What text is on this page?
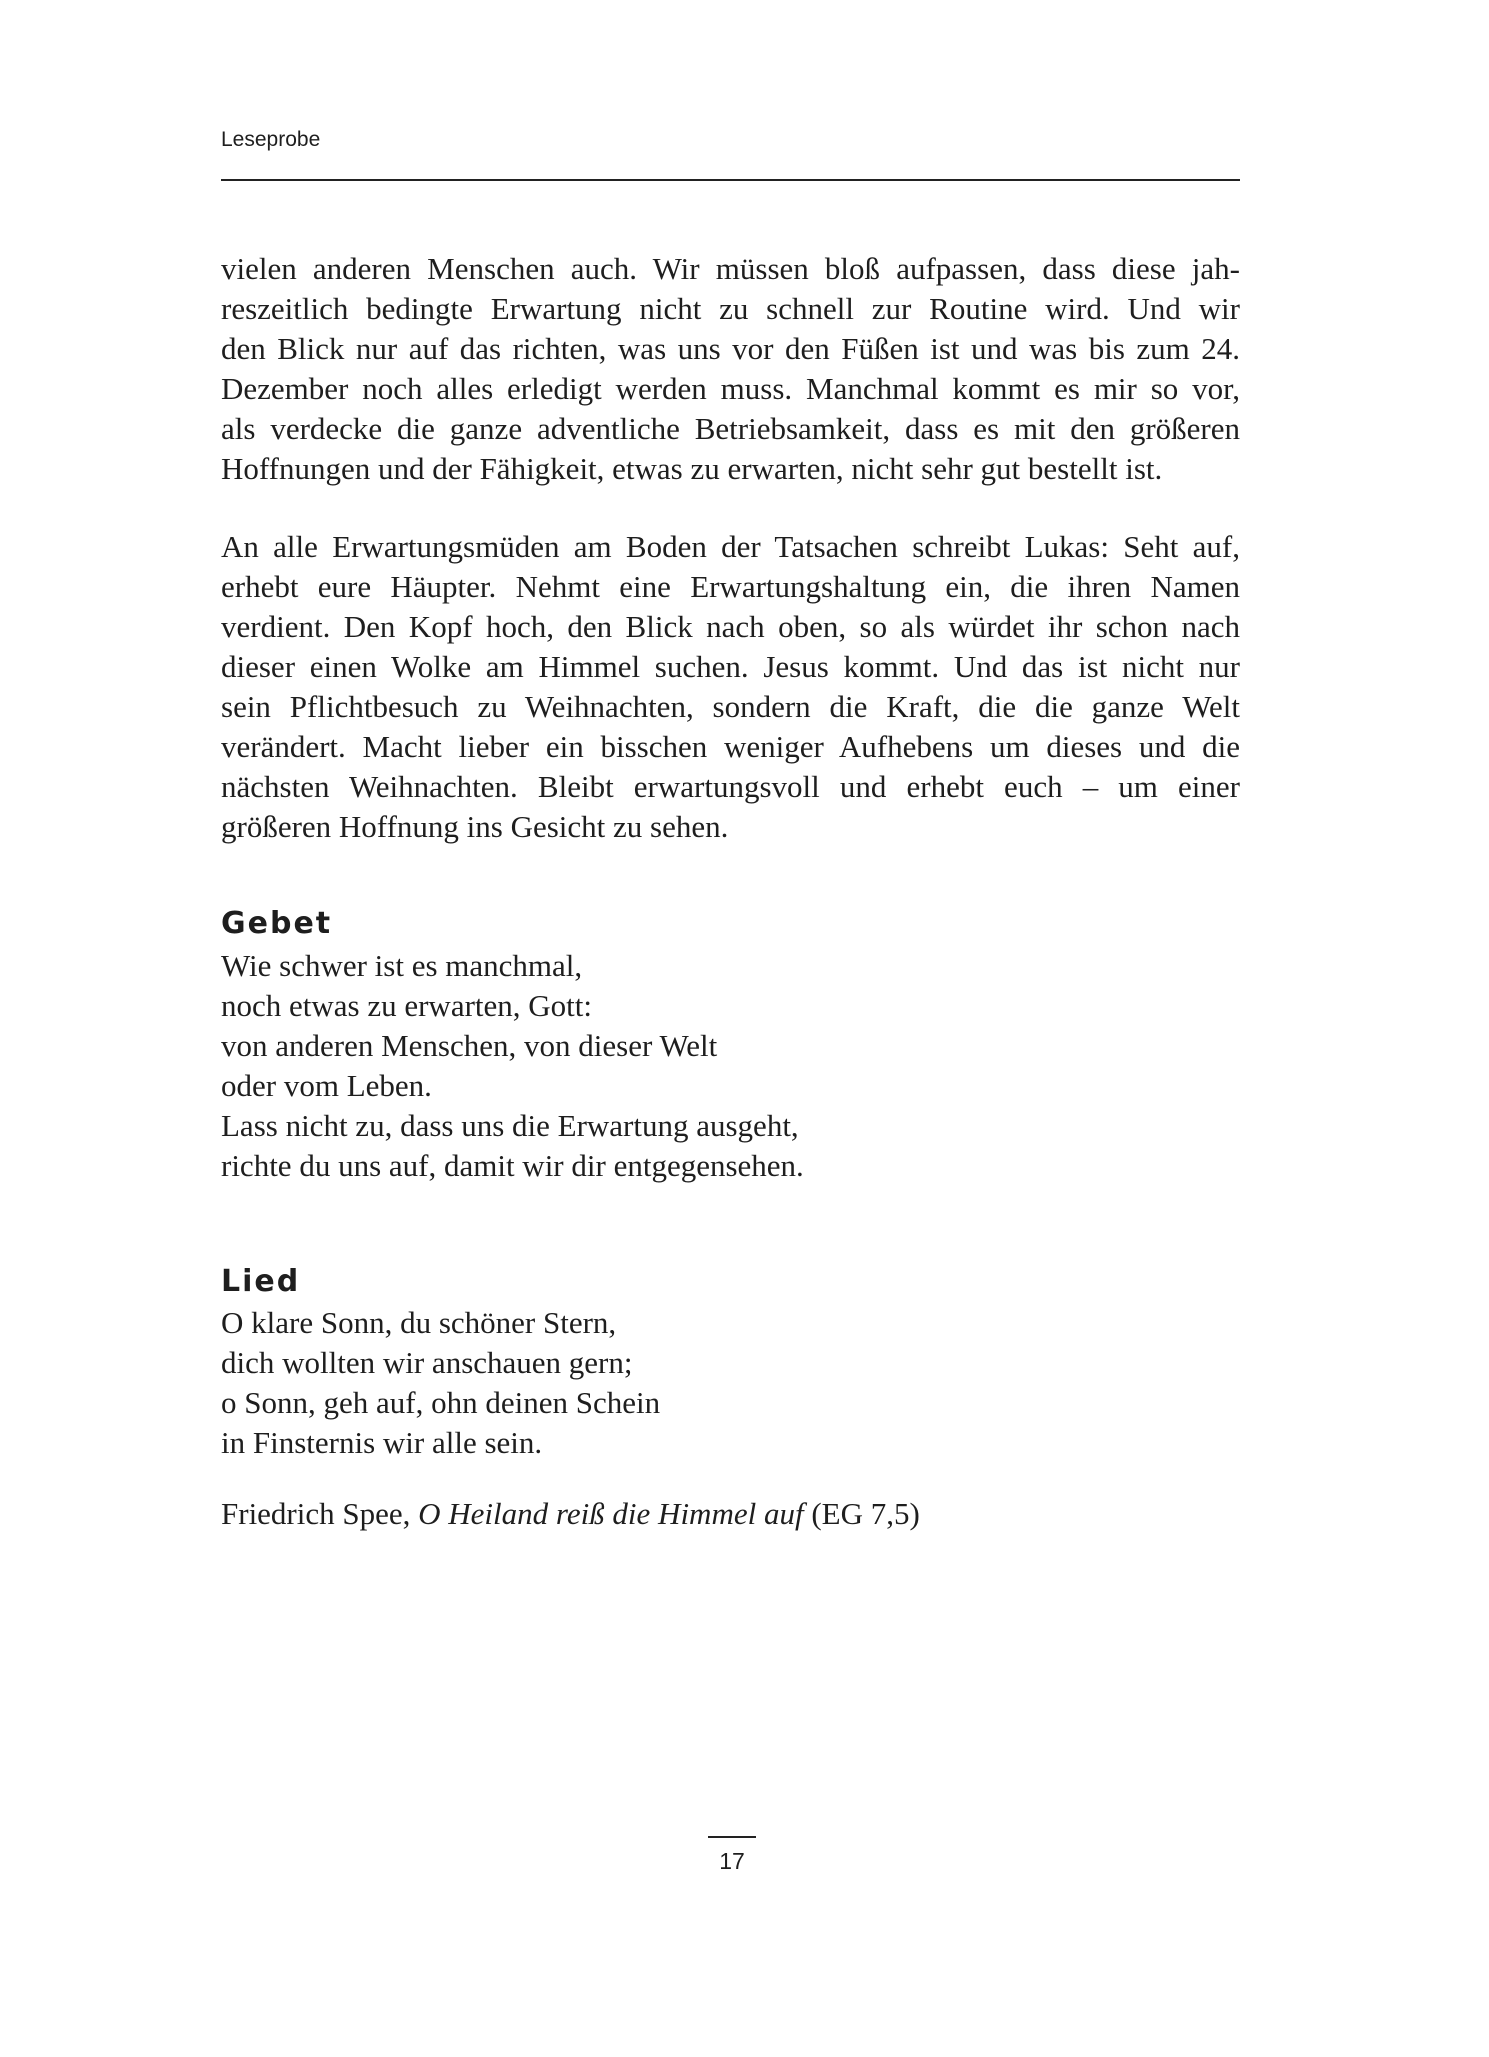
Leseprobe

vielen anderen Menschen auch. Wir müssen bloß aufpassen, dass diese jah-
reszeitlich bedingte Erwartung nicht zu schnell zur Routine wird. Und wir
den Blick nur auf das richten, was uns vor den Füßen ist und was bis zum 24.
Dezember noch alles erledigt werden muss. Manchmal kommt es mir so vor,
als verdecke die ganze adventliche Betriebsamkeit, dass es mit den größeren
Hoffnungen und der Fähigkeit, etwas zu erwarten, nicht sehr gut bestellt ist.
An alle Erwartungsmüden am Boden der Tatsachen schreibt Lukas: Seht auf,
erhebt eure Häupter. Nehmt eine Erwartungshaltung ein, die ihren Namen
verdient. Den Kopf hoch, den Blick nach oben, so als würdet ihr schon nach
dieser einen Wolke am Himmel suchen. Jesus kommt. Und das ist nicht nur
sein Pflichtbesuch zu Weihnachten, sondern die Kraft, die die ganze Welt
verändert. Macht lieber ein bisschen weniger Aufhebens um dieses und die
nächsten Weihnachten. Bleibt erwartungsvoll und erhebt euch – um einer
größeren Hoffnung ins Gesicht zu sehen.
Gebet
Wie schwer ist es manchmal,
noch etwas zu erwarten, Gott:
von anderen Menschen, von dieser Welt
oder vom Leben.
Lass nicht zu, dass uns die Erwartung ausgeht,
richte du uns auf, damit wir dir entgegensehen.
Lied
O klare Sonn, du schöner Stern,
dich wollten wir anschauen gern;
o Sonn, geh auf, ohn deinen Schein
in Finsternis wir alle sein.

Friedrich Spee, O Heiland reiß die Himmel auf (EG 7,5)

17
